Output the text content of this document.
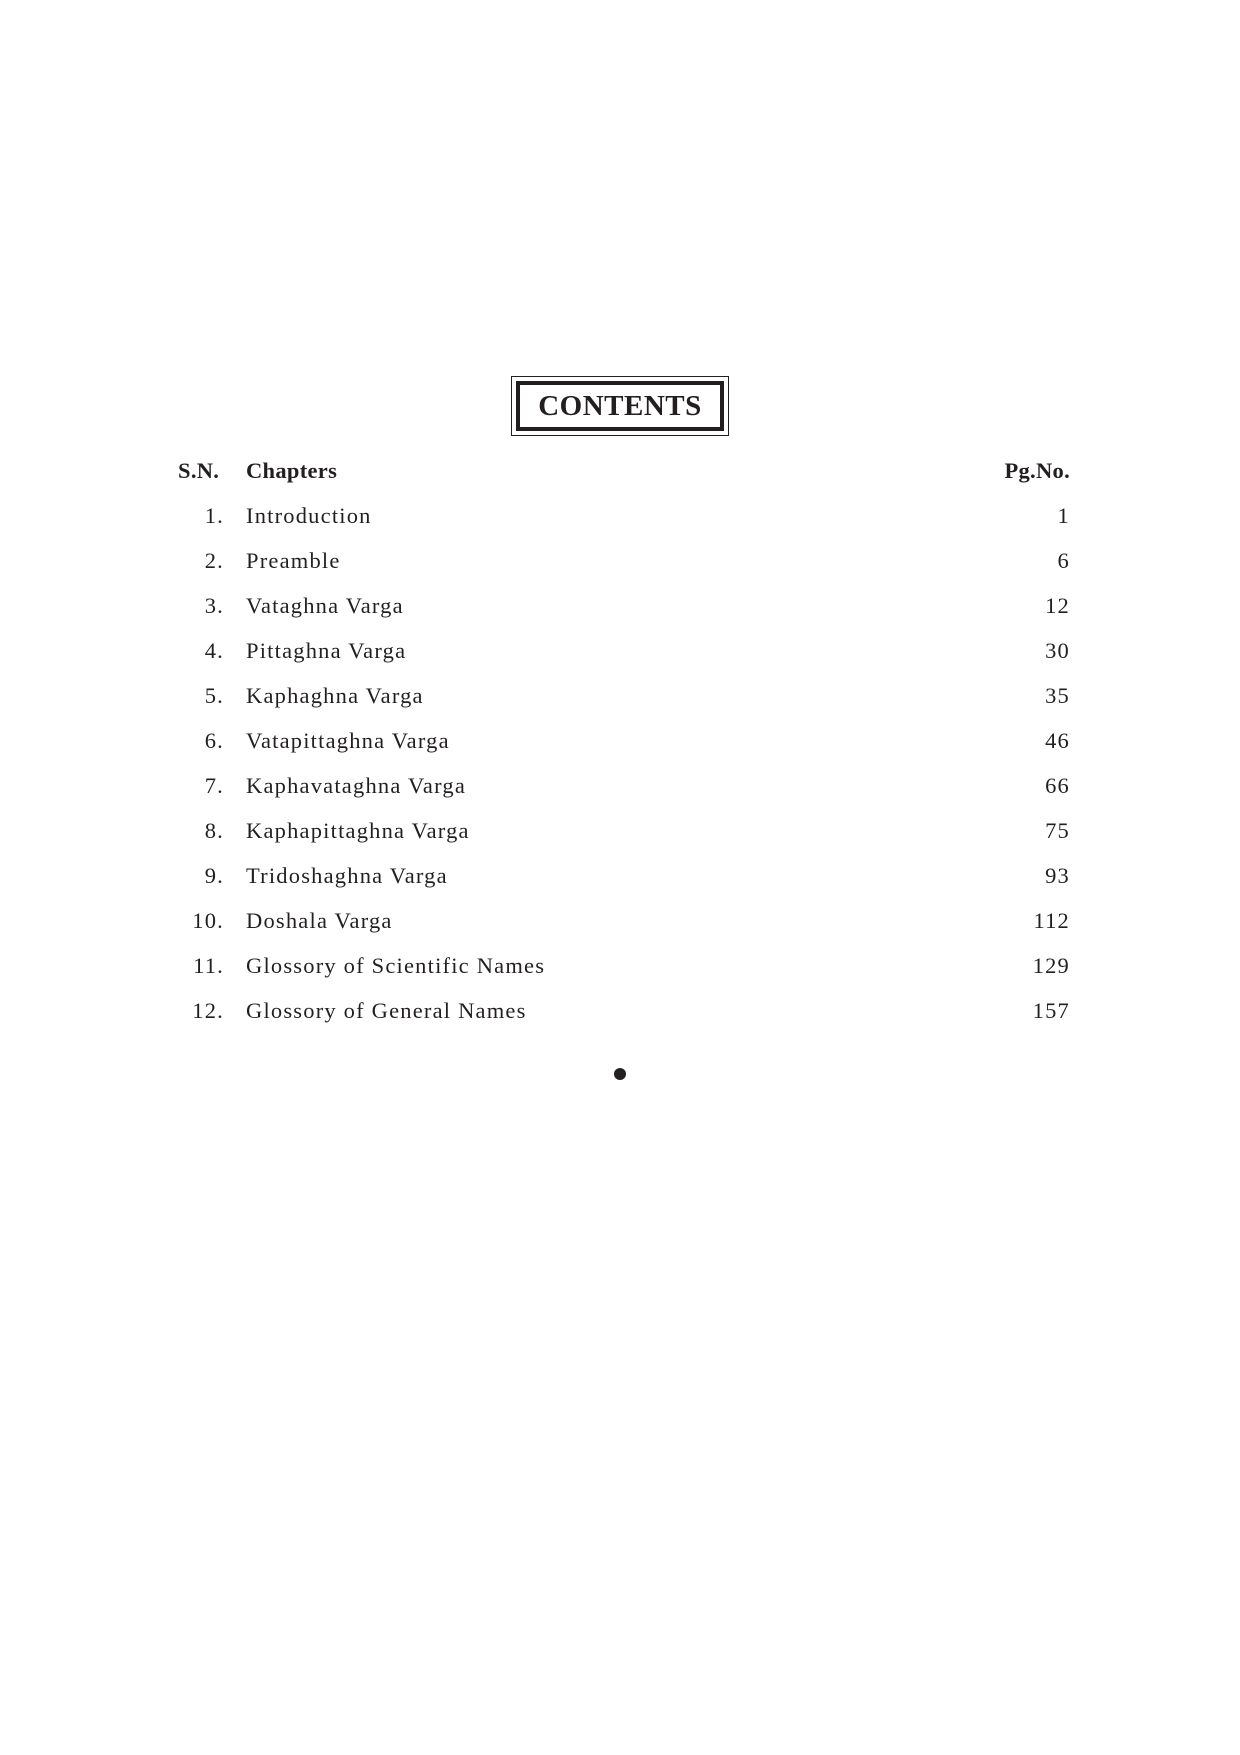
CONTENTS
S.N.	Chapters	Pg.No.
1. Introduction	1
2. Preamble	6
3. Vataghna Varga	12
4. Pittaghna Varga	30
5. Kaphaghna Varga	35
6. Vatapittaghna Varga	46
7. Kaphavataghna Varga	66
8. Kaphapittaghna Varga	75
9. Tridoshaghna Varga	93
10. Doshala Varga	112
11. Glossory of Scientific Names	129
12. Glossory of General Names	157
